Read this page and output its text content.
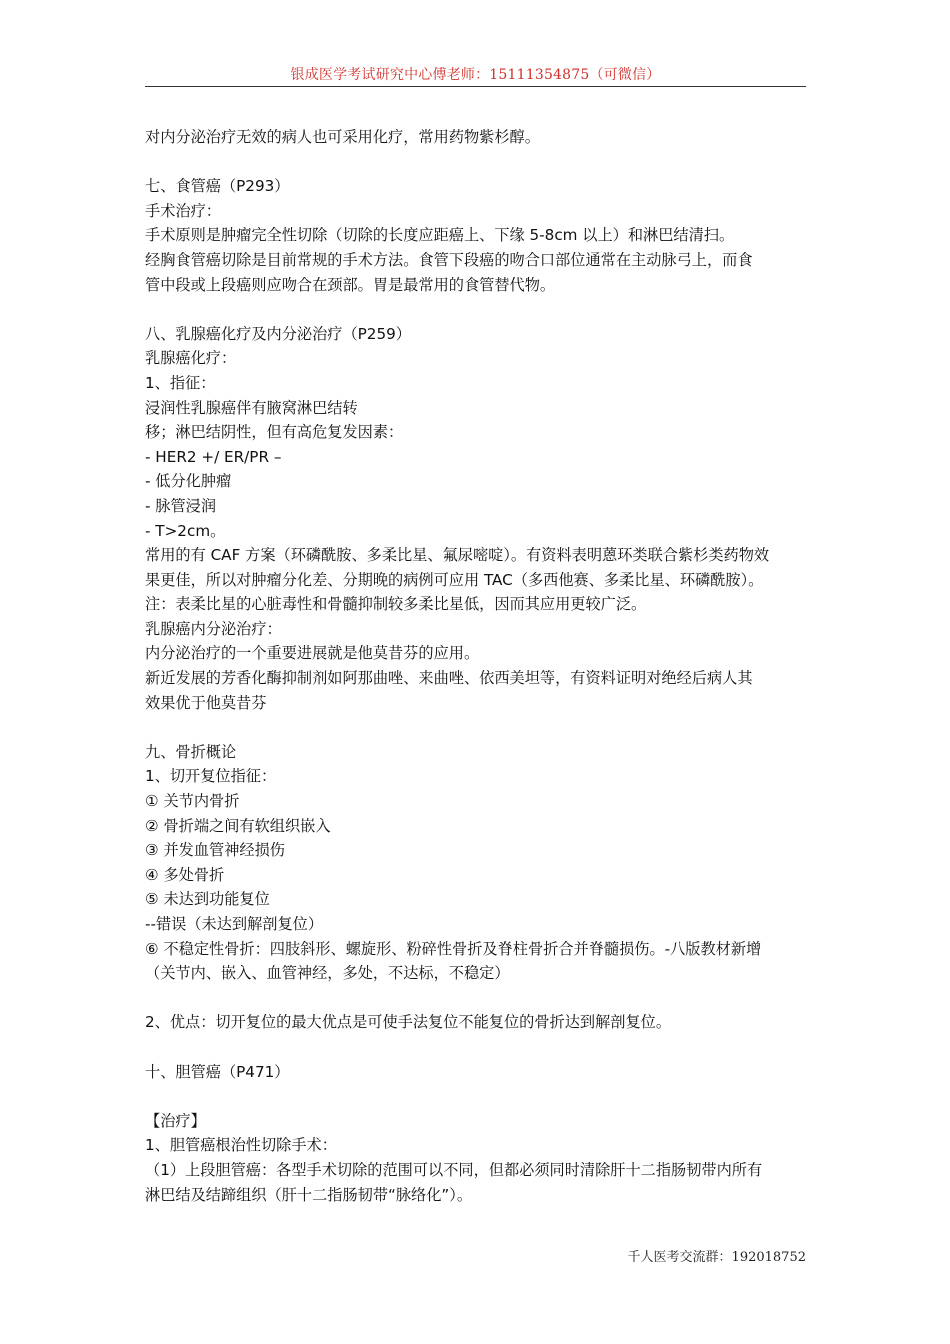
银成医学考试研究中心傅老师：15111354875（可微信）
对内分泌治疗无效的病人也可采用化疗，常用药物紫杉醇。
七、食管癌（P293）
手术治疗：
手术原则是肿瘤完全性切除（切除的长度应距癌上、下缘 5-8cm 以上）和淋巴结清扫。
经胸食管癌切除是目前常规的手术方法。食管下段癌的吻合口部位通常在主动脉弓上，而食
管中段或上段癌则应吻合在颈部。胃是最常用的食管替代物。
八、乳腺癌化疗及内分泌治疗（P259）
乳腺癌化疗：
1、指征：
浸润性乳腺癌伴有腋窝淋巴结转
移；淋巴结阴性，但有高危复发因素：
- HER2 +/ ER/PR –
- 低分化肿瘤
- 脉管浸润
- T>2cm。
常用的有 CAF 方案（环磷酰胺、多柔比星、氟尿嘧啶）。有资料表明蒽环类联合紫杉类药物效
果更佳，所以对肿瘤分化差、分期晚的病例可应用 TAC（多西他赛、多柔比星、环磷酰胺）。
注：表柔比星的心脏毒性和骨髓抑制较多柔比星低，因而其应用更较广泛。
乳腺癌内分泌治疗：
内分泌治疗的一个重要进展就是他莫昔芬的应用。
新近发展的芳香化酶抑制剂如阿那曲唑、来曲唑、依西美坦等，有资料证明对绝经后病人其
效果优于他莫昔芬
九、骨折概论
1、切开复位指征：
① 关节内骨折
② 骨折端之间有软组织嵌入
③ 并发血管神经损伤
④ 多处骨折
⑤ 未达到功能复位
--错误（未达到解剖复位）
⑥ 不稳定性骨折：四肢斜形、螺旋形、粉碎性骨折及脊柱骨折合并脊髓损伤。-八版教材新增
（关节内、嵌入、血管神经，多处，不达标，不稳定）
2、优点：切开复位的最大优点是可使手法复位不能复位的骨折达到解剖复位。
十、胆管癌（P471）
【治疗】
1、胆管癌根治性切除手术：
（1）上段胆管癌：各型手术切除的范围可以不同，但都必须同时清除肝十二指肠韧带内所有
淋巴结及结蹄组织（肝十二指肠韧带“脉络化”）。
千人医考交流群：192018752
